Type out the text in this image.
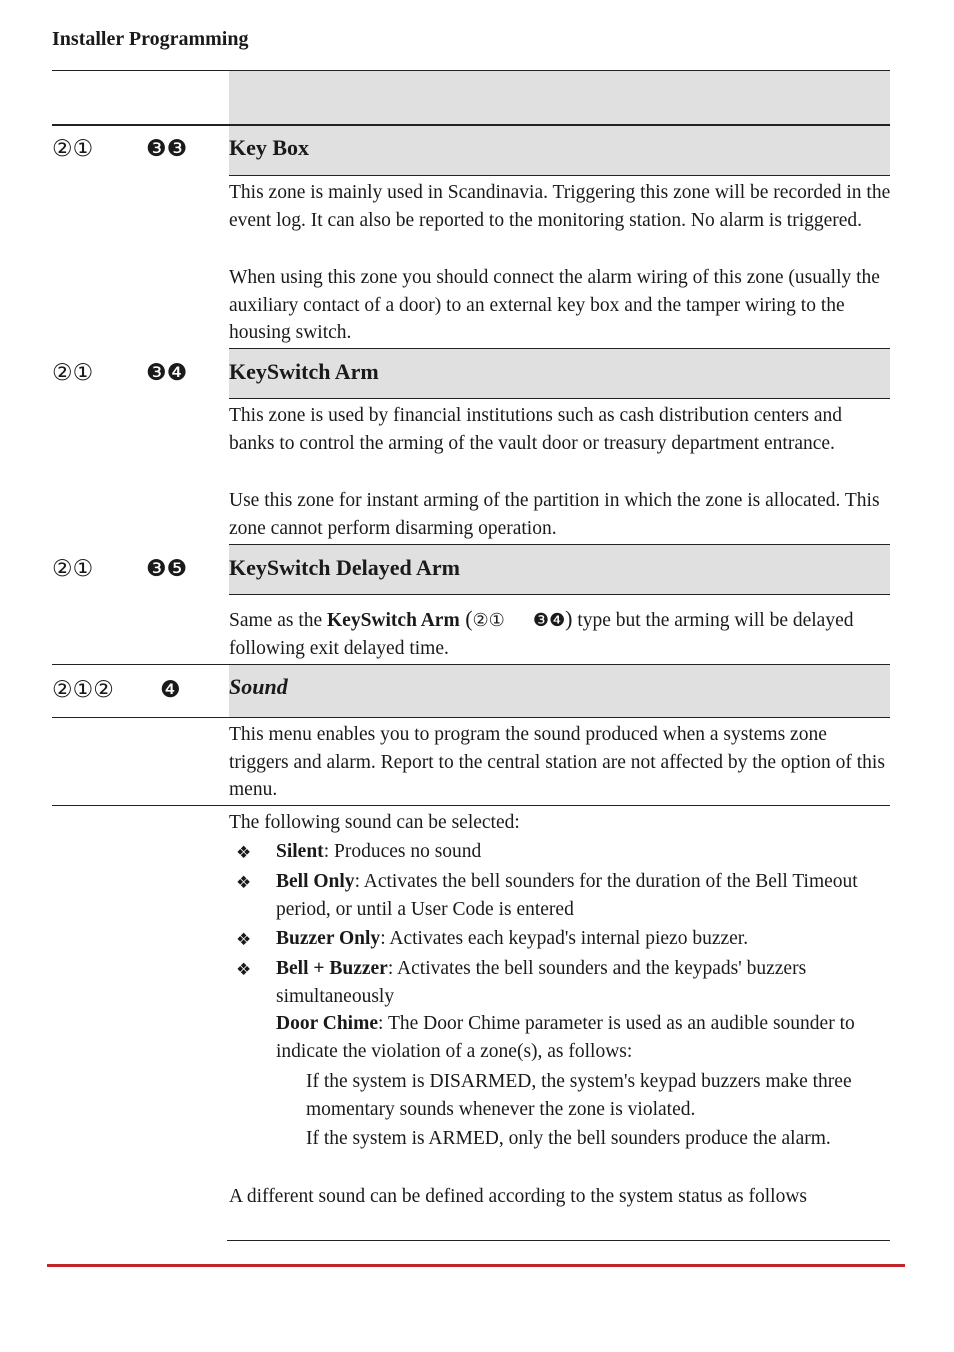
Installer Programming
②① ❸❸ Key Box
This zone is mainly used in Scandinavia. Triggering this zone will be recorded in the event log. It can also be reported to the monitoring station. No alarm is triggered.
When using this zone you should connect the alarm wiring of this zone (usually the auxiliary contact of a door) to an external key box and the tamper wiring to the housing switch.
②① ❸❹ KeySwitch Arm
This zone is used by financial institutions such as cash distribution centers and banks to control the arming of the vault door or treasury department entrance.
Use this zone for instant arming of the partition in which the zone is allocated. This zone cannot perform disarming operation.
②① ❸❺ KeySwitch Delayed Arm
Same as the KeySwitch Arm (②① ❸❹) type but the arming will be delayed following exit delayed time.
②①② ❹ Sound
This menu enables you to program the sound produced when a systems zone triggers and alarm. Report to the central station are not affected by the option of this menu.
The following sound can be selected:
❖ Silent: Produces no sound
❖ Bell Only: Activates the bell sounders for the duration of the Bell Timeout period, or until a User Code is entered
❖ Buzzer Only: Activates each keypad's internal piezo buzzer.
❖ Bell + Buzzer: Activates the bell sounders and the keypads' buzzers simultaneously
Door Chime: The Door Chime parameter is used as an audible sounder to indicate the violation of a zone(s), as follows:
If the system is DISARMED, the system's keypad buzzers make three momentary sounds whenever the zone is violated.
If the system is ARMED, only the bell sounders produce the alarm.
A different sound can be defined according to the system status as follows
